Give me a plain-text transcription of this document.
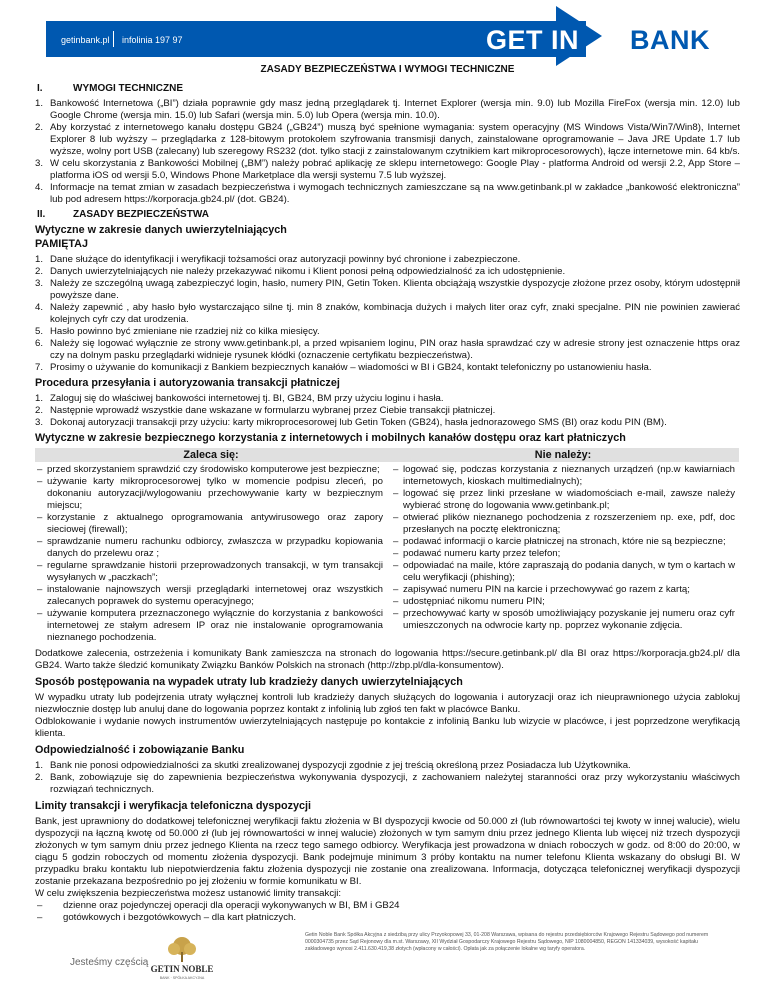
getinbank.pl infolinia 197 97	GET IN BANK
ZASADY BEZPIECZEŃSTWA I WYMOGI TECHNICZNE
I.	WYMOGI TECHNICZNE
1. Bankowość Internetowa („BI”) działa poprawnie gdy masz jedną przeglądarek tj. Internet Explorer (wersja min. 9.0) lub Mozilla FireFox (wersja min. 12.0) lub Google Chrome (wersja min. 15.0) lub Safari (wersja min. 5.0) lub Opera (wersja min. 10.0).
2. Aby korzystać z internetowego kanału dostępu GB24 („GB24”) muszą być spełnione wymagania: system operacyjny (MS Windows Vista/Win7/Win8), Internet Explorer 8 lub wyższy – przeglądarka z 128-bitowym protokołem szyfrowania transmisji danych, zainstalowane oprogramowanie – Java JRE Update 1.7 lub wyższe, wolny port USB (zalecany) lub szeregowy RS232 (dot. tylko stacji z zainstalowanym czytnikiem kart mikroprocesorowych), łącze internetowe min. 64 kb/s.
3. W celu skorzystania z Bankowości Mobilnej („BM”) należy pobrać aplikację ze sklepu internetowego: Google Play - platforma Android od wersji 2.2, App Store – platforma iOS od wersji 5.0, Windows Phone Marketplace dla wersji systemu 7.5 lub wyższej.
4. Informacje na temat zmian w zasadach bezpieczeństwa i wymogach technicznych zamieszczane są na www.getinbank.pl w zakładce „bankowość elektroniczna” lub pod adresem https://korporacja.gb24.pl/ (dot. GB24).
II.	ZASADY BEZPIECZEŃSTWA
Wytyczne w zakresie danych uwierzytelniających
PAMIĘTAJ
1. Dane służące do identyfikacji i weryfikacji tożsamości oraz autoryzacji powinny być chronione i zabezpieczone.
2. Danych uwierzytelniających nie należy przekazywać nikomu i Klient ponosi pełną odpowiedzialność za ich udostępnienie.
3. Należy ze szczególną uwagą zabezpieczyć login, hasło, numery PIN, Getin Token. Klienta obciążają wszystkie dyspozycje złożone przez osoby, którym udostępnił powyższe dane.
4. Należy zapewnić , aby hasło było wystarczająco silne tj. min 8 znaków, kombinacja dużych i małych liter oraz cyfr, znaki specjalne. PIN nie powinien zawierać kolejnych cyfr czy dat urodzenia.
5. Hasło powinno być zmieniane nie rzadziej niż co kilka miesięcy.
6. Należy się logować wyłącznie ze strony www.getinbank.pl, a przed wpisaniem loginu, PIN oraz hasła sprawdzać czy w adresie strony jest oznaczenie https oraz czy na dolnym pasku przeglądarki widnieje rysunek kłódki (oznaczenie certyfikatu bezpieczeństwa).
7. Prosimy o używanie do komunikacji z Bankiem bezpiecznych kanałów – wiadomości w BI i GB24, kontakt telefoniczny po ustanowieniu hasła.
Procedura przesyłania i autoryzowania transakcji płatniczej
1. Zaloguj się do właściwej bankowości internetowej tj. BI, GB24, BM przy użyciu loginu i hasła.
2. Następnie wprowadź wszystkie dane wskazane w formularzu wybranej przez Ciebie transakcji płatniczej.
3. Dokonaj autoryzacji transakcji przy użyciu: karty mikroprocesorowej lub Getin Token (GB24), hasła jednorazowego SMS (BI) oraz kodu PIN (BM).
Wytyczne w zakresie bezpiecznego korzystania z internetowych i mobilnych kanałów dostępu oraz kart płatniczych
Zaleca się:
– przed skorzystaniem sprawdzić czy środowisko komputerowe jest bezpieczne;
– używanie karty mikroprocesorowej tylko w momencie podpisu zleceń, po dokonaniu autoryzacji/wylogowaniu przechowywanie karty w bezpiecznym miejscu;
– korzystanie z aktualnego oprogramowania antywirusowego oraz zapory sieciowej (firewall);
– sprawdzanie numeru rachunku odbiorcy, zwłaszcza w przypadku kopiowania danych do przelewu oraz ;
– regularne sprawdzanie historii przeprowadzonych transakcji, w tym transakcji wysyłanych w „paczkach”;
– instalowanie najnowszych wersji przeglądarki internetowej oraz wszystkich zalecanych poprawek do systemu operacyjnego;
– używanie komputera przeznaczonego wyłącznie do korzystania z bankowości internetowej ze stałym adresem IP oraz nie instalowanie oprogramowania nieznanego pochodzenia.
Nie należy:
– logować się, podczas korzystania z nieznanych urządzeń (np.w kawiarniach internetowych, kioskach multimedialnych);
– logować się przez linki przesłane w wiadomościach e-mail, zawsze należy wybierać stronę do logowania www.getinbank.pl;
– otwierać plików nieznanego pochodzenia z rozszerzeniem np. exe, pdf, doc przesłanych na pocztę elektroniczną;
– podawać informacji o karcie płatniczej na stronach, które nie są bezpieczne;
– podawać numeru karty przez telefon;
– odpowiadać na maile, które zapraszają do podania danych, w tym o kartach w celu weryfikacji (phishing);
– zapisywać numeru PIN na karcie i przechowywać go razem z kartą;
– udostępniać nikomu numeru PIN;
– przechowywać karty w sposób umożliwiający pozyskanie jej numeru oraz cyfr umieszczonych na odwrocie karty np. poprzez wykonanie zdjęcia.

Dodatkowe zalecenia, ostrzeżenia i komunikaty Bank zamieszcza na stronach do logowania https://secure.getinbank.pl/ dla BI oraz https://korporacja.gb24.pl/ dla GB24. Warto także śledzić komunikaty Związku Banków Polskich na stronach (http://zbp.pl/dla-konsumentow).

Sposób postępowania na wypadek utraty lub kradzieży danych uwierzytelniających

W wypadku utraty lub podejrzenia utraty wyłącznej kontroli lub kradzieży danych służących do logowania i autoryzacji oraz ich nieuprawnionego użycia zablokuj niezwłocznie dostęp lub anuluj dane do logowania poprzez kontakt z infolinią lub zgłoś ten fakt w placówce Banku.

Odblokowanie i wydanie nowych instrumentów uwierzytelniających następuje po kontakcie z infolinią Banku lub wizycie w placówce, i jest poprzedzone weryfikacją klienta.

Odpowiedzialność i zobowiązanie Banku
1. Bank nie ponosi odpowiedzialności za skutki zrealizowanej dyspozycji zgodnie z jej treścią określoną przez Posiadacza lub Użytkownika.
2. Bank, zobowiązuje się do zapewnienia bezpieczeństwa wykonywania dyspozycji, z zachowaniem należytej staranności oraz przy wykorzystaniu właściwych rozwiązań technicznych.
Limity transakcji i weryfikacja telefoniczna dyspozycji

Bank, jest uprawniony do dodatkowej telefonicznej weryfikacji faktu złożenia w BI dyspozycji kwocie od 50.000 zł (lub równowartości tej kwoty w innej walucie), wielu dyspozycji na łączną kwotę od 50.000 zł (lub jej równowartości w innej walucie) złożonych w tym samym dniu przez jednego Klienta lub więcej niż trzech dyspozycji złożonych w tym samym dniu przez jednego Klienta na rzecz tego samego odbiorcy. Weryfikacja jest prowadzona w dniach roboczych w godz. od 8:00 do 20:00, w ciągu 5 godzin roboczych od momentu złożenia dyspozycji. Bank podejmuje minimum 3 próby kontaktu na numer telefonu Klienta wskazany do obsługi BI. W przypadku braku kontaktu lub niepotwierdzenia faktu złożenia dyspozycji nie zostanie ona zrealizowana. Informacja, dotycząca telefonicznej weryfikacji dyspozycji zostanie przekazana bezpośrednio po jej złożeniu w formie komunikatu w BI.

W celu zwiększenia bezpieczeństwa możesz ustanowić limity transakcji:

–	dzienne oraz pojedynczej operacji dla operacji wykonywanych w BI, BM i GB24
–	gotówkowych i bezgotówkowych – dla kart płatniczych.
Jesteśmy częścią
GETIN NOBLE
BANK · SPÓŁKA AKCYJNA
Getin Noble Bank Spółka Akcyjna z siedzibą przy ulicy Przyokopowej 33, 01-208 Warszawa, wpisana do rejestru przedsiębiorców Krajowego Rejestru Sądowego pod numerem 0000304735 przez Sąd Rejonowy dla m.st. Warszawy, XII Wydział Gospodarczy Krajowego Rejestru Sądowego, NIP 1080004850, REGON 141334039, wysokość kapitału zakładowego wynosi 2.411.630.419,38 złotych (wpłacony w całości). Opłata jak za połączenie lokalne wg taryfy operatora.
